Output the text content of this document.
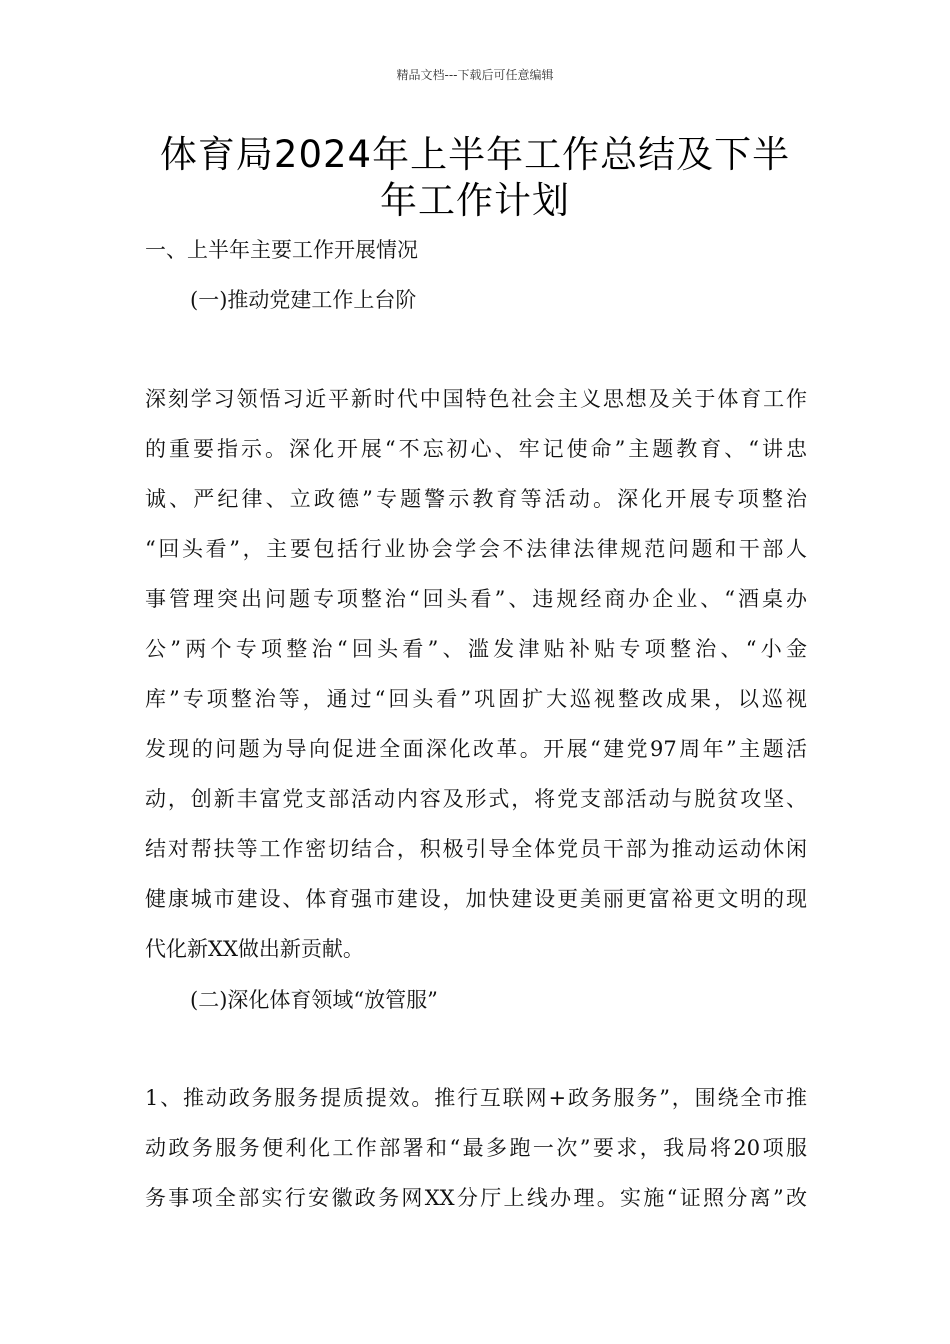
精品文档---下载后可任意编辑
体育局2024年上半年工作总结及下半
年工作计划
一、上半年主要工作开展情况
(一)推动党建工作上台阶
深刻学习领悟习近平新时代中国特色社会主义思想及关于体育工作
的重要指示。深化开展“不忘初心、牢记使命”主题教育、“讲忠
诚、严纪律、立政德”专题警示教育等活动。深化开展专项整治
“回头看”，主要包括行业协会学会不法律法律规范问题和干部人
事管理突出问题专项整治“回头看”、违规经商办企业、“酒桌办
公”两个专项整治“回头看”、滥发津贴补贴专项整治、“小金
库”专项整治等，通过“回头看”巩固扩大巡视整改成果，以巡视
发现的问题为导向促进全面深化改革。开展“建党97周年”主题活
动，创新丰富党支部活动内容及形式，将党支部活动与脱贫攻坚、
结对帮扶等工作密切结合，积极引导全体党员干部为推动运动休闲
健康城市建设、体育强市建设，加快建设更美丽更富裕更文明的现
代化新XX做出新贡献。
(二)深化体育领域“放管服”
1、推动政务服务提质提效。推行互联网+政务服务”，围绕全市推
动政务服务便利化工作部署和“最多跑一次”要求，我局将20项服
务事项全部实行安徽政务网XX分厅上线办理。实施“证照分离”改
